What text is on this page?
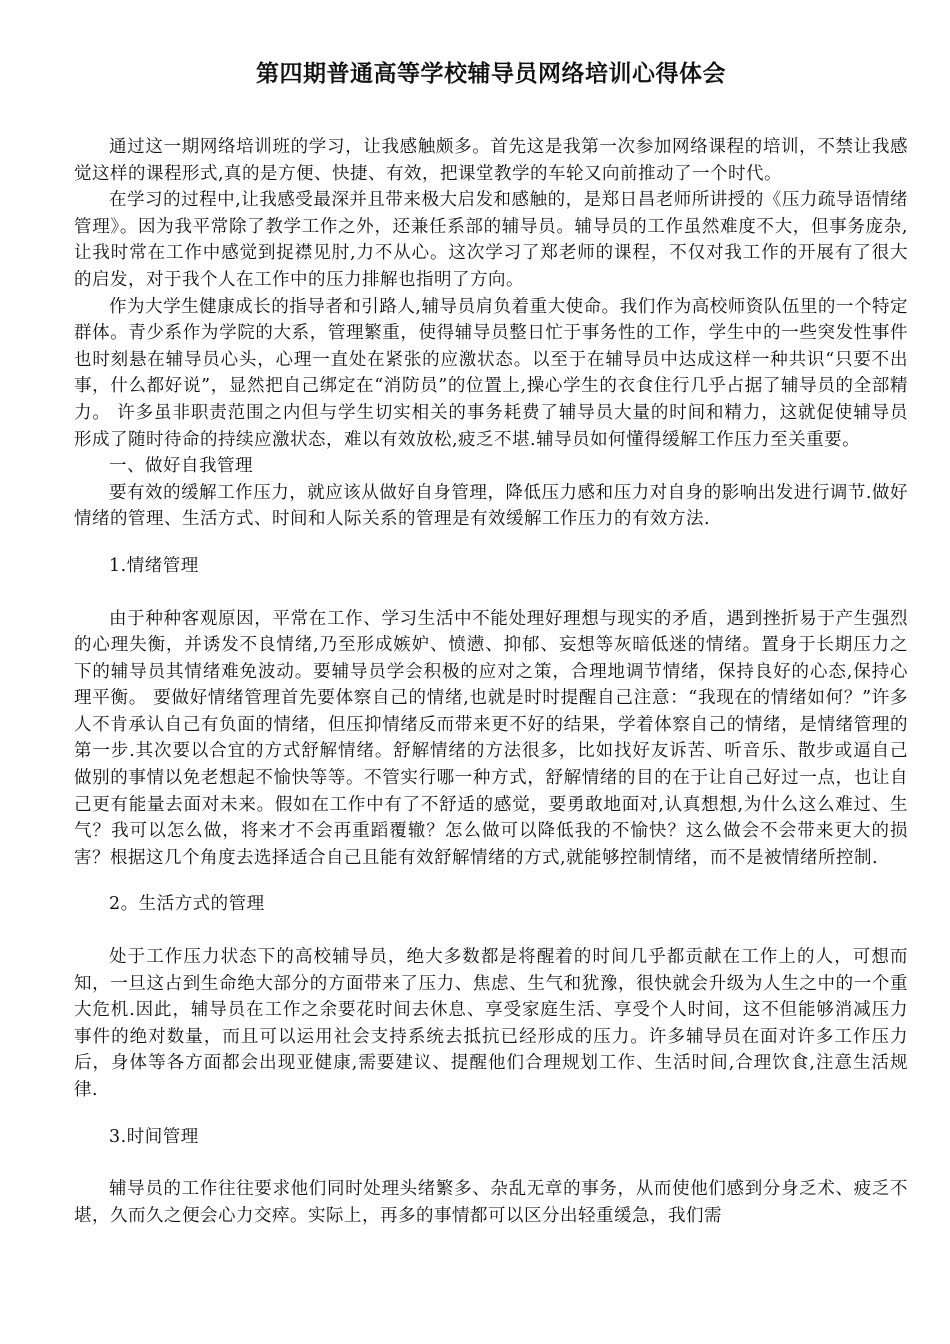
第四期普通高等学校辅导员网络培训心得体会

通过这一期网络培训班的学习，让我感触颇多。首先这是我第一次参加网络课程的培训，不禁让我感觉这样的课程形式,真的是方便、快捷、有效，把课堂教学的车轮又向前推动了一个时代。

在学习的过程中,让我感受最深并且带来极大启发和感触的，是郑日昌老师所讲授的《压力疏导语情绪管理》。因为我平常除了教学工作之外，还兼任系部的辅导员。辅导员的工作虽然难度不大，但事务庞杂,让我时常在工作中感觉到捉襟见肘,力不从心。这次学习了郑老师的课程，不仅对我工作的开展有了很大的启发，对于我个人在工作中的压力排解也指明了方向。

作为大学生健康成长的指导者和引路人,辅导员肩负着重大使命。我们作为高校师资队伍里的一个特定群体。青少系作为学院的大系，管理繁重，使得辅导员整日忙于事务性的工作，学生中的一些突发性事件也时刻悬在辅导员心头，心理一直处在紧张的应激状态。以至于在辅导员中达成这样一种共识“只要不出事，什么都好说”，显然把自己绑定在“消防员”的位置上,操心学生的衣食住行几乎占据了辅导员的全部精力。 许多虽非职责范围之内但与学生切实相关的事务耗费了辅导员大量的时间和精力，这就促使辅导员形成了随时待命的持续应激状态，难以有效放松,疲乏不堪.辅导员如何懂得缓解工作压力至关重要。

一、做好自我管理

要有效的缓解工作压力，就应该从做好自身管理，降低压力感和压力对自身的影响出发进行调节.做好情绪的管理、生活方式、时间和人际关系的管理是有效缓解工作压力的有效方法.

1.情绪管理

由于种种客观原因，平常在工作、学习生活中不能处理好理想与现实的矛盾，遇到挫折易于产生强烈的心理失衡，并诱发不良情绪,乃至形成嫉妒、愤懑、抑郁、妄想等灰暗低迷的情绪。置身于长期压力之下的辅导员其情绪难免波动。要辅导员学会积极的应对之策，合理地调节情绪，保持良好的心态,保持心理平衡。 要做好情绪管理首先要体察自己的情绪,也就是时时提醒自己注意：“我现在的情绪如何？”许多人不肯承认自己有负面的情绪，但压抑情绪反而带来更不好的结果，学着体察自己的情绪，是情绪管理的第一步.其次要以合宜的方式舒解情绪。舒解情绪的方法很多，比如找好友诉苦、听音乐、散步或逼自己做别的事情以免老想起不愉快等等。不管实行哪一种方式，舒解情绪的目的在于让自己好过一点，也让自己更有能量去面对未来。假如在工作中有了不舒适的感觉，要勇敢地面对,认真想想,为什么这么难过、生气？我可以怎么做，将来才不会再重蹈覆辙？怎么做可以降低我的不愉快？这么做会不会带来更大的损害？根据这几个角度去选择适合自己且能有效舒解情绪的方式,就能够控制情绪，而不是被情绪所控制.

2。生活方式的管理

处于工作压力状态下的高校辅导员，绝大多数都是将醒着的时间几乎都贡献在工作上的人，可想而知，一旦这占到生命绝大部分的方面带来了压力、焦虑、生气和犹豫，很快就会升级为人生之中的一个重大危机.因此，辅导员在工作之余要花时间去休息、享受家庭生活、享受个人时间，这不但能够消减压力事件的绝对数量，而且可以运用社会支持系统去抵抗已经形成的压力。许多辅导员在面对许多工作压力后，身体等各方面都会出现亚健康,需要建议、提醒他们合理规划工作、生活时间,合理饮食,注意生活规律.

3.时间管理

辅导员的工作往往要求他们同时处理头绪繁多、杂乱无章的事务，从而使他们感到分身乏术、疲乏不堪，久而久之便会心力交瘁。实际上，再多的事情都可以区分出轻重缓急，我们需
